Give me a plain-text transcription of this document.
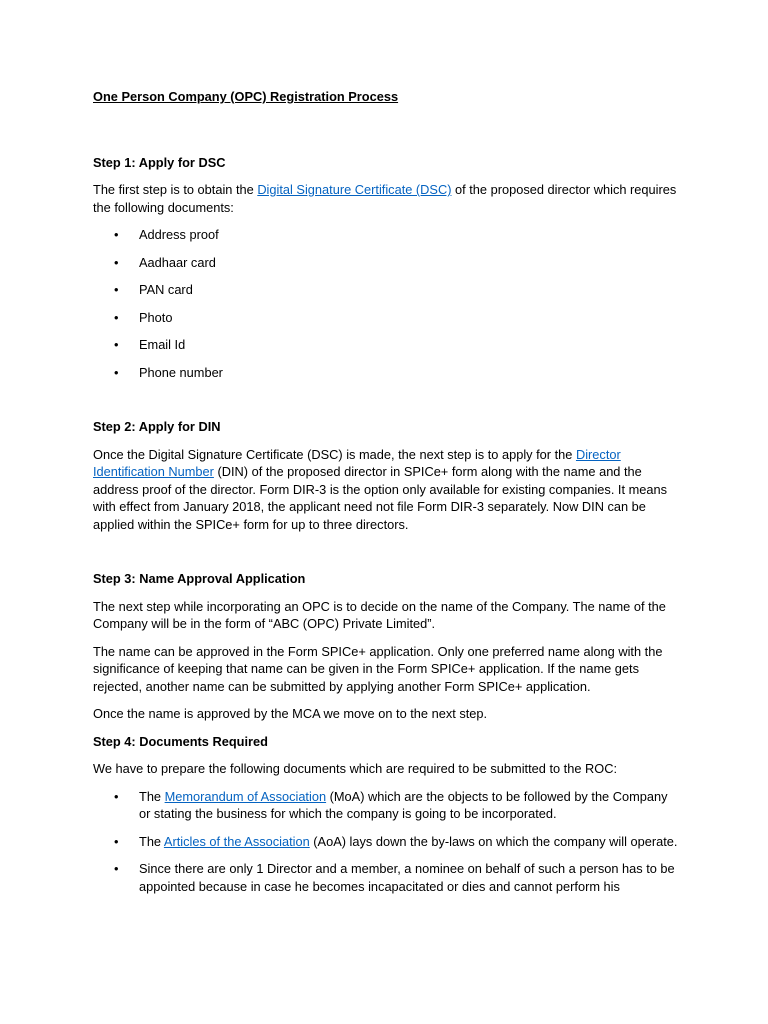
One Person Company (OPC) Registration Process

Step 1: Apply for DSC

The first step is to obtain the Digital Signature Certificate (DSC) of the proposed director which requires the following documents:

• Address proof
• Aadhaar card
• PAN card
• Photo
• Email Id
• Phone number

Step 2: Apply for DIN

Once the Digital Signature Certificate (DSC) is made, the next step is to apply for the Director Identification Number (DIN) of the proposed director in SPICe+ form along with the name and the address proof of the director. Form DIR-3 is the option only available for existing companies. It means with effect from January 2018, the applicant need not file Form DIR-3 separately. Now DIN can be applied within the SPICe+ form for up to three directors.

Step 3: Name Approval Application

The next step while incorporating an OPC is to decide on the name of the Company. The name of the Company will be in the form of “ABC (OPC) Private Limited”.

The name can be approved in the Form SPICe+ application. Only one preferred name along with the significance of keeping that name can be given in the Form SPICe+ application. If the name gets rejected, another name can be submitted by applying another Form SPICe+ application.

Once the name is approved by the MCA we move on to the next step.

Step 4: Documents Required

We have to prepare the following documents which are required to be submitted to the ROC:

• The Memorandum of Association (MoA) which are the objects to be followed by the Company or stating the business for which the company is going to be incorporated.
• The Articles of the Association (AoA) lays down the by-laws on which the company will operate.
• Since there are only 1 Director and a member, a nominee on behalf of such a person has to be appointed because in case he becomes incapacitated or dies and cannot perform his
